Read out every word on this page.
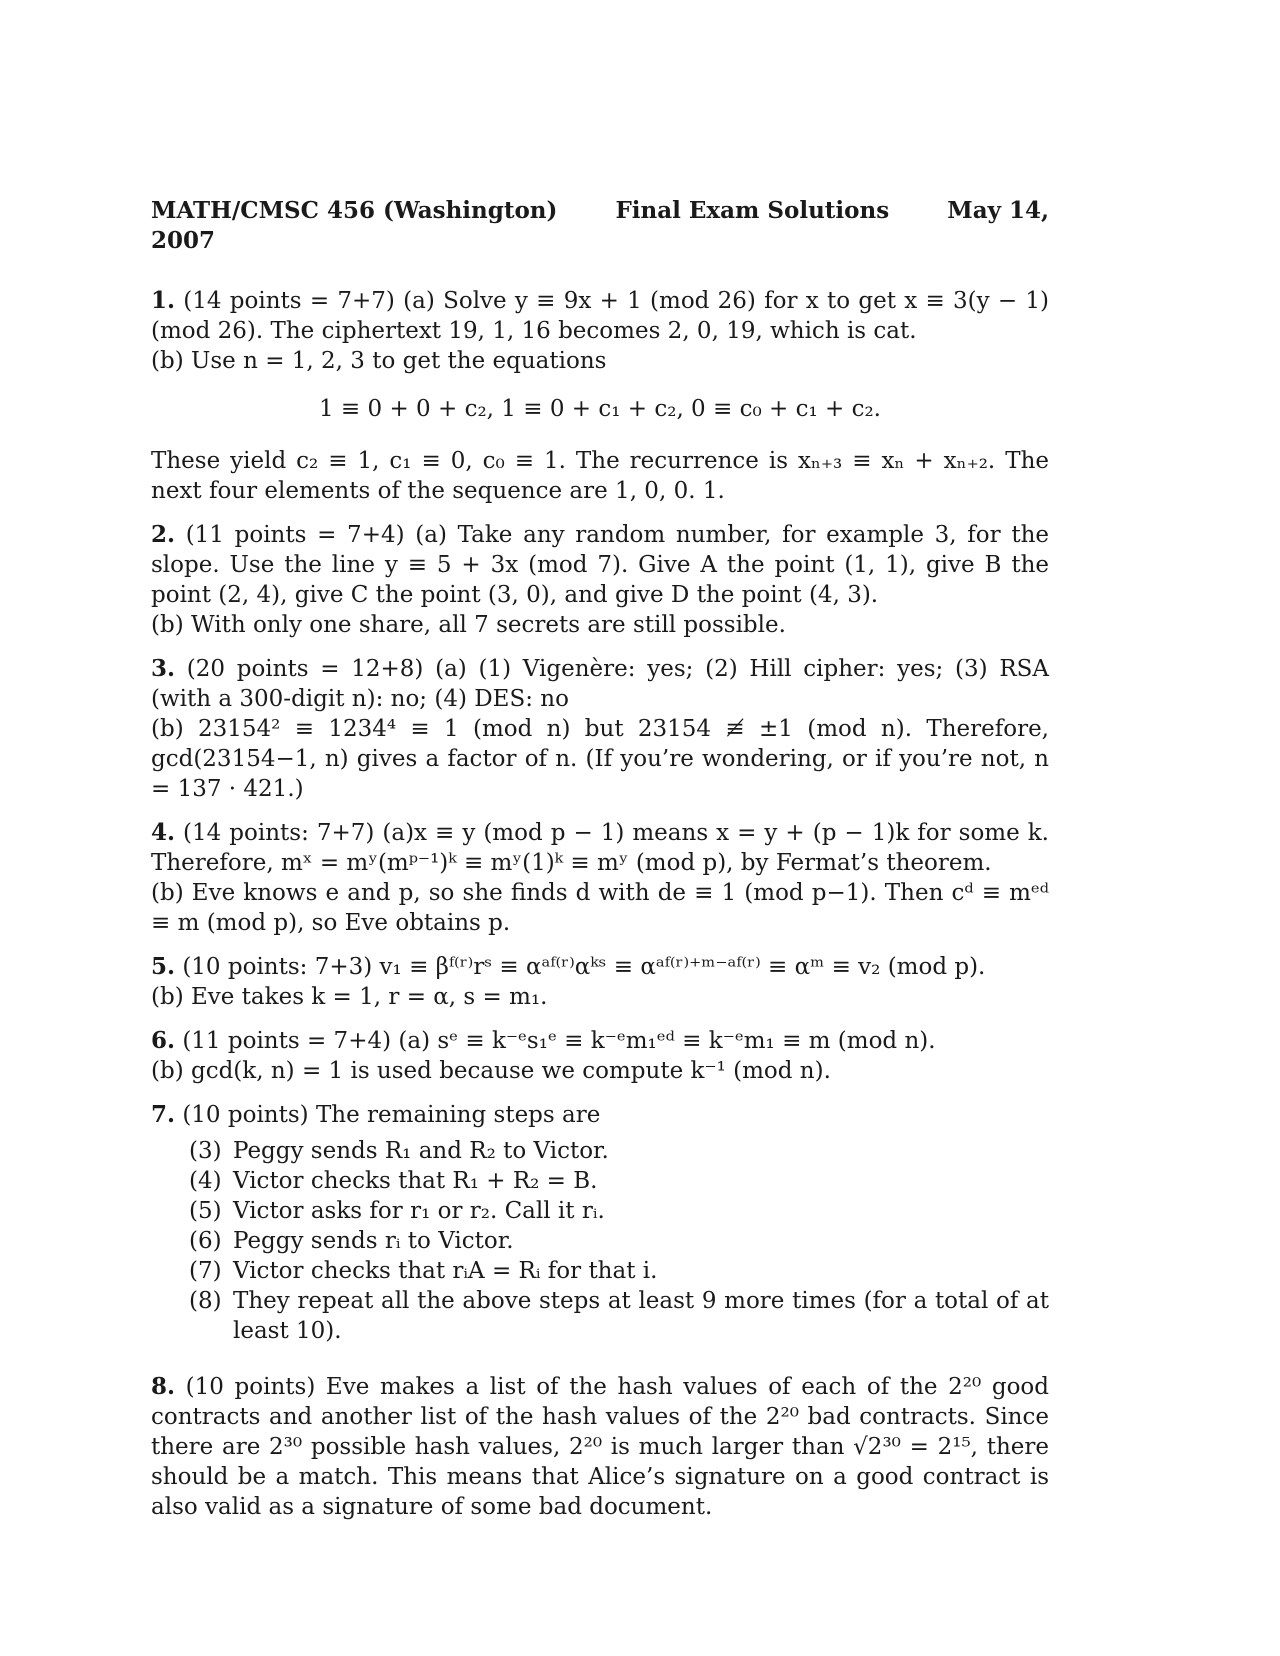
MATH/CMSC 456 (Washington)	Final Exam Solutions	May 14,
2007
1. (14 points = 7+7) (a) Solve y ≡ 9x + 1 (mod 26) for x to get x ≡ 3(y − 1) (mod 26). The ciphertext 19, 1, 16 becomes 2, 0, 19, which is cat.
(b) Use n = 1, 2, 3 to get the equations
1 ≡ 0 + 0 + c₂, 1 ≡ 0 + c₁ + c₂, 0 ≡ c₀ + c₁ + c₂.
These yield c₂ ≡ 1, c₁ ≡ 0, c₀ ≡ 1. The recurrence is xₙ₊₃ ≡ xₙ + xₙ₊₂. The next four elements of the sequence are 1, 0, 0. 1.
2. (11 points = 7+4) (a) Take any random number, for example 3, for the slope. Use the line y ≡ 5 + 3x (mod 7). Give A the point (1, 1), give B the point (2, 4), give C the point (3, 0), and give D the point (4, 3).
(b) With only one share, all 7 secrets are still possible.
3. (20 points = 12+8) (a) (1) Vigenère: yes; (2) Hill cipher: yes; (3) RSA (with a 300-digit n): no; (4) DES: no
(b) 23154² ≡ 1234⁴ ≡ 1 (mod n) but 23154 ≢ ±1 (mod n). Therefore, gcd(23154−1, n) gives a factor of n. (If you’re wondering, or if you’re not, n = 137 · 421.)
4. (14 points: 7+7) (a)x ≡ y (mod p − 1) means x = y + (p − 1)k for some k. Therefore, mˣ = mʸ(mᵖ⁻¹)ᵏ ≡ mʸ(1)ᵏ ≡ mʸ (mod p), by Fermat’s theorem.
(b) Eve knows e and p, so she finds d with de ≡ 1 (mod p−1). Then cᵈ ≡ mᵉᵈ ≡ m (mod p), so Eve obtains p.
5. (10 points: 7+3) v₁ ≡ βᶠ⁽ʳ⁾rˢ ≡ αᵃᶠ⁽ʳ⁾αᵏˢ ≡ αᵃᶠ⁽ʳ⁾⁺ᵐ⁻ᵃᶠ⁽ʳ⁾ ≡ αᵐ ≡ v₂ (mod p).
(b) Eve takes k = 1, r = α, s = m₁.
6. (11 points = 7+4) (a) sᵉ ≡ k⁻ᵉs₁ᵉ ≡ k⁻ᵉm₁ᵉᵈ ≡ k⁻ᵉm₁ ≡ m (mod n).
(b) gcd(k, n) = 1 is used because we compute k⁻¹ (mod n).
7. (10 points) The remaining steps are
(3) Peggy sends R₁ and R₂ to Victor.
(4) Victor checks that R₁ + R₂ = B.
(5) Victor asks for r₁ or r₂. Call it rᵢ.
(6) Peggy sends rᵢ to Victor.
(7) Victor checks that rᵢA = Rᵢ for that i.
(8) They repeat all the above steps at least 9 more times (for a total of at least 10).
8. (10 points) Eve makes a list of the hash values of each of the 2²⁰ good contracts and another list of the hash values of the 2²⁰ bad contracts. Since there are 2³⁰ possible hash values, 2²⁰ is much larger than √2³⁰ = 2¹⁵, there should be a match. This means that Alice’s signature on a good contract is also valid as a signature of some bad document.
